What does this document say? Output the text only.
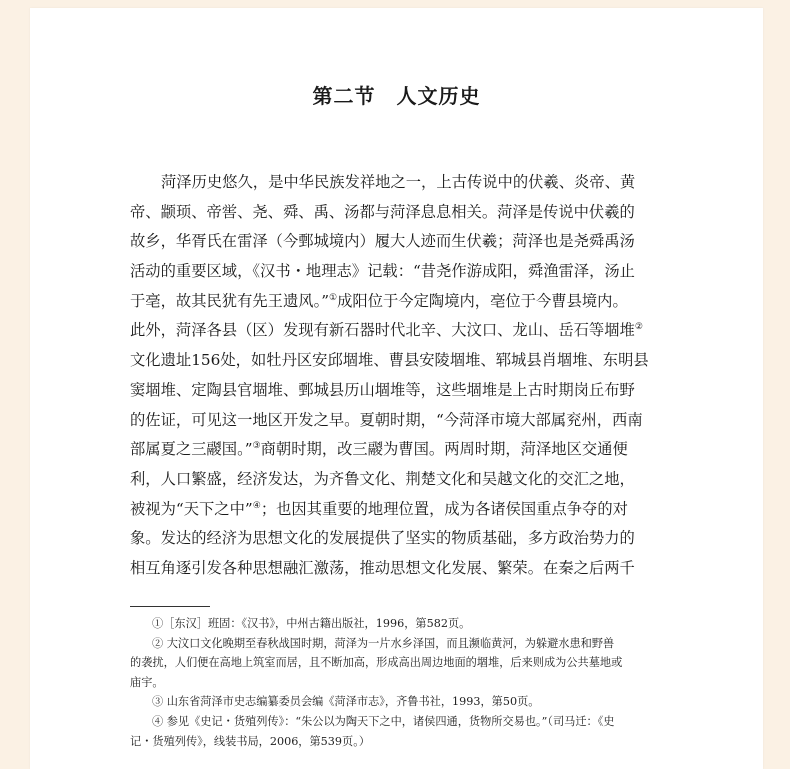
第二节　人文历史
菏泽历史悠久，是中华民族发祥地之一，上古传说中的伏羲、炎帝、黄
帝、颛顼、帝喾、尧、舜、禹、汤都与菏泽息息相关。菏泽是传说中伏羲的
故乡，华胥氏在雷泽（今鄄城境内）履大人迹而生伏羲；菏泽也是尧舜禹汤
活动的重要区域，《汉书・地理志》记载：“昔尧作游成阳，舜渔雷泽，汤止
于亳，故其民犹有先王遗风。”①成阳位于今定陶境内，亳位于今曹县境内。
此外，菏泽各县（区）发现有新石器时代北辛、大汶口、龙山、岳石等堌堆②
文化遗址156处，如牡丹区安邱堌堆、曹县安陵堌堆、郓城县肖堌堆、东明县
窦堌堆、定陶县官堌堆、鄄城县历山堌堆等，这些堌堆是上古时期岗丘布野
的佐证，可见这一地区开发之早。夏朝时期，“今菏泽市境大部属兖州，西南
部属夏之三鬷国。”③商朝时期，改三鬷为曹国。两周时期，菏泽地区交通便
利，人口繁盛，经济发达，为齐鲁文化、荆楚文化和吴越文化的交汇之地，
被视为“天下之中”④；也因其重要的地理位置，成为各诸侯国重点争夺的对
象。发达的经济为思想文化的发展提供了坚实的物质基础，多方政治势力的
相互角逐引发各种思想融汇激荡，推动思想文化发展、繁荣。在秦之后两千
①［东汉］班固：《汉书》，中州古籍出版社，1996，第582页。
② 大汶口文化晚期至春秋战国时期，菏泽为一片水乡泽国，而且濒临黄河，为躲避水患和野兽
的袭扰，人们便在高地上筑室而居，且不断加高，形成高出周边地面的堌堆，后来则成为公共墓地或
庙宇。
③ 山东省菏泽市史志编纂委员会编《菏泽市志》，齐鲁书社，1993，第50页。
④ 参见《史记・货殖列传》：“朱公以为陶天下之中，诸侯四通，货物所交易也。”（司马迁：《史
记・货殖列传》，线装书局，2006，第539页。）
